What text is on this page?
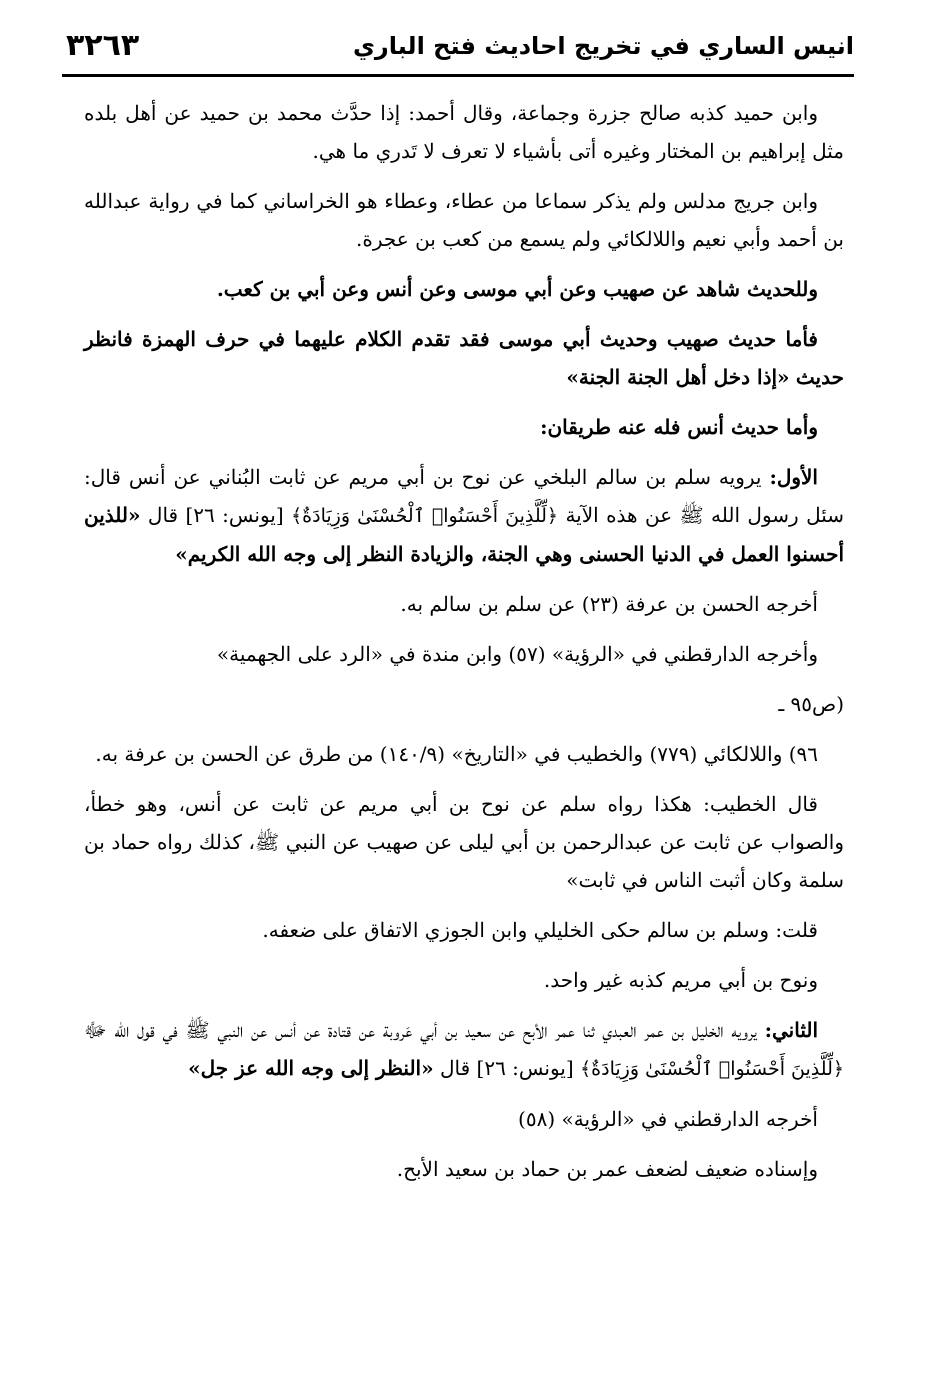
انيس الساري في تخريج احاديث فتح الباري
٣٢٦٣

وابن حميد كذبه صالح جزرة وجماعة، وقال أحمد: إذا حدَّث محمد بن حميد عن أهل بلده مثل إبراهيم بن المختار وغيره أتى بأشياء لا تعرف لا تَدري ما هي.

وابن جريج مدلس ولم يذكر سماعا من عطاء، وعطاء هو الخراساني كما في رواية عبدالله بن أحمد وأبي نعيم واللالكائي ولم يسمع من كعب بن عجرة.

وللحديث شاهد عن صهيب وعن أبي موسى وعن أنس وعن أبي بن كعب.

فأما حديث صهيب وحديث أبي موسى فقد تقدم الكلام عليهما في حرف الهمزة فانظر حديث «إذا دخل أهل الجنة الجنة»

وأما حديث أنس فله عنه طريقان:

الأول: يرويه سلم بن سالم البلخي عن نوح بن أبي مريم عن ثابت البُناني عن أنس قال: سئل رسول الله ﷺ عن هذه الآية ﴿لِّلَّذِينَ أَحْسَنُوا۟ ٱلْحُسْنَىٰ وَزِيَادَةٌ﴾ [يونس: ٢٦] قال «للذين أحسنوا العمل في الدنيا الحسنى وهي الجنة، والزيادة النظر إلى وجه الله الكريم»

أخرجه الحسن بن عرفة (٢٣) عن سلم بن سالم به.

وأخرجه الدارقطني في «الرؤية» (٥٧) وابن مندة في «الرد على الجهمية»

(ص٩٥ ـ

٩٦) واللالكائي (٧٧٩) والخطيب في «التاريخ» (١٤٠/٩) من طرق عن الحسن بن عرفة به.

قال الخطيب: هكذا رواه سلم عن نوح بن أبي مريم عن ثابت عن أنس، وهو خطأ، والصواب عن ثابت عن عبدالرحمن بن أبي ليلى عن صهيب عن النبي ﷺ، كذلك رواه حماد بن سلمة وكان أثبت الناس في ثابت»

قلت: وسلم بن سالم حكى الخليلي وابن الجوزي الاتفاق على ضعفه.

ونوح بن أبي مريم كذبه غير واحد.

الثاني: يرويه الخليل بن عمر العبدي ثنا عمر الأبح عن سعيد بن أبي عَروبة عن قتادة عن أنس عن النبي ﷺ في قول الله ﷻ ﴿لِّلَّذِينَ أَحْسَنُوا۟ ٱلْحُسْنَىٰ وَزِيَادَةٌ﴾ [يونس: ٢٦] قال «النظر إلى وجه الله عز جل»

أخرجه الدارقطني في «الرؤية» (٥٨)

وإسناده ضعيف لضعف عمر بن حماد بن سعيد الأبح.
